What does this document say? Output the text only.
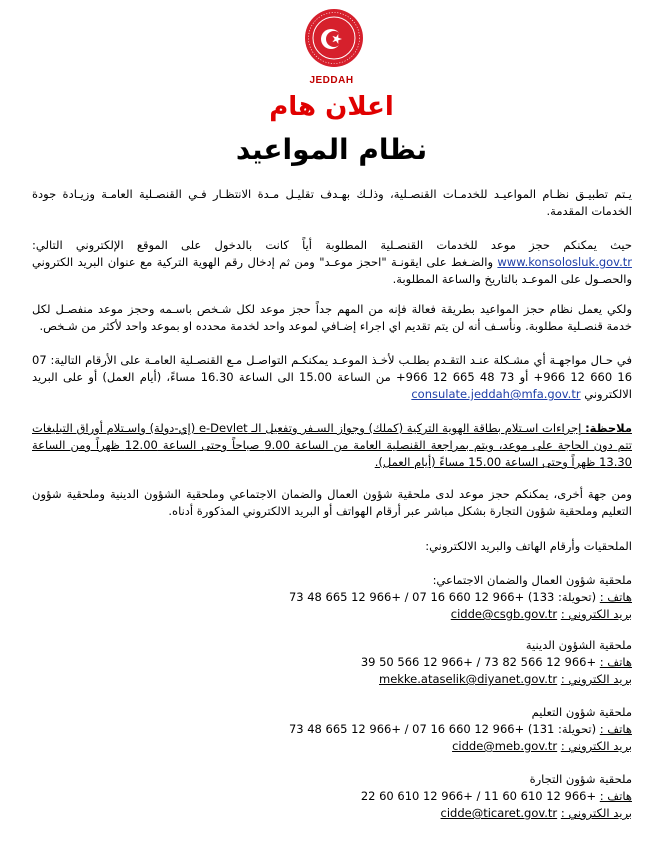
JEDDAH
اعلان هام
نظام المواعيد
يـتم تطبيـق نظـام المواعيـد للخدمـات القنصـلية، وذلـك بهـدف تقليـل مـدة الانتظـار فـي القنصـلية العامـة وزيـادة جودة الخدمات المقدمة.
حيث يمكنكم حجز موعد للخدمات القنصـلية المطلوبة أياً كانت بالدخول على الموقع الإلكتروني التالي: www.konsolosluk.gov.tr والضـغط على ايقونـة "احجز موعـد" ومن ثم إدخال رقم الهوية التركية مع عنوان البريد الكتروني والحصـول على الموعـد بالتاريخ والساعة المطلوبة.
ولكي يعمل نظام حجز المواعيد بطريقة فعالة فإنه من المهم جداً حجز موعد لكل شـخص باسـمه وحجز موعد منفصـل لكل خدمة قنصـلية مطلوبة. ونأسـف أنه لن يتم تقديم اي اجراء إضـافي لموعد واحد لخدمة محدده او بموعد واحد لأكثر من شـخص.
في حـال مواجهـة أي مشـكلة عنـد التقـدم بطلـب لأخـذ الموعـد يمكنكـم التواصـل مـع القنصـلية العامـة على الأرقام التالية: 07 16 660 12 966+ أو 73 48 665 12 966+ من الساعة 15.00 الى الساعة 16.30 مساءً، (أيام العمل) أو على البريد الالكتروني consulate.jeddah@mfa.gov.tr
ملاحظة: إجراءات اسـتلام بطاقة الهوية التركية (كملك) وجواز السـفر وتفعيل الـ e-Devlet (إي-دولة) واسـتلام أوراق التبليغات تتم دون الحاجة على موعد، ويتم بمراجعة القنصلية العامة من الساعة 9.00 صباحاً وحتى الساعة 12.00 ظهراً ومن الساعة 13.30 ظهراً وحتى الساعة 15.00 مساءً (أيام العمل).
ومن جهة أخرى، يمكنكم حجز موعد لدى ملحقية شؤون العمال والضمان الاجتماعي وملحقية الشؤون الدينية وملحقية شؤون التعليم وملحقية شؤون التجارة بشكل مباشر عبر أرقام الهواتف أو البريد الالكتروني المذكورة أدناه.
الملحقيات وأرقام الهاتف والبريد الالكتروني:
ملحقية شؤون العمال والضمان الاجتماعي:
هاتف : 73 48 665 12 966+ / 07 16 660 12 966+ (تحويلة: 133)
بريد الكتروني : cidde@csgb.gov.tr
ملحقية الشؤون الدينية
هاتف : 39 50 566 12 966+ / 73 82 566 12 966+
بريد الكتروني : mekke.ataselik@diyanet.gov.tr
ملحقية شؤون التعليم
هاتف : 73 48 665 12 966+ / 07 16 660 12 966+ (تحويلة: 131)
بريد الكتروني : cidde@meb.gov.tr
ملحقية شؤون التجارة
هاتف : 22 60 610 12 966+ / 11 60 610 12 966+
بريد الكتروني : cidde@ticaret.gov.tr
